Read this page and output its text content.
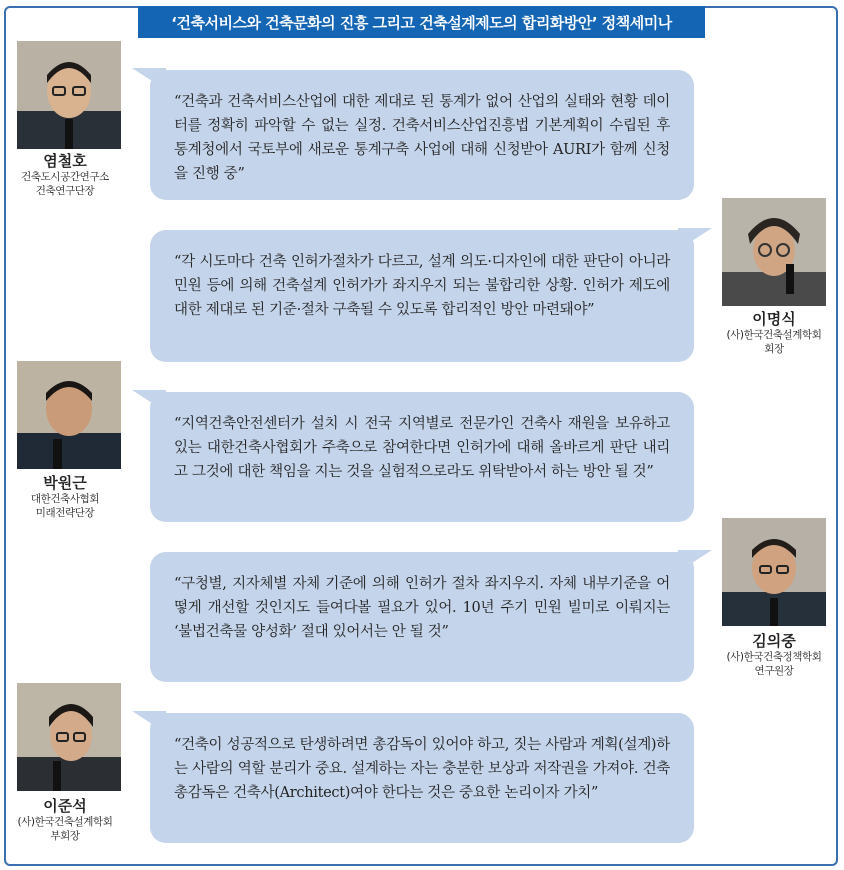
‘건축서비스와 건축문화의 진흥 그리고 건축설계제도의 합리화방안’ 정책세미나
염철호
건축도시공간연구소
건축연구단장
“건축과 건축서비스산업에 대한 제대로 된 통계가 없어 산업의 실태와 현황 데이터를 정확히 파악할 수 없는 실정. 건축서비스산업진흥법 기본계획이 수립된 후 통계청에서 국토부에 새로운 통계구축 사업에 대해 신청받아 AURI가 함께 신청을 진행 중”
“각 시도마다 건축 인허가절차가 다르고, 설계 의도·디자인에 대한 판단이 아니라 민원 등에 의해 건축설계 인허가가 좌지우지 되는 불합리한 상황. 인허가 제도에 대한 제대로 된 기준·절차 구축될 수 있도록 합리적인 방안 마련돼야”	이명식
(사)한국건축설계학회
회장
박원근
대한건축사협회
미래전략단장
“지역건축안전센터가 설치 시 전국 지역별로 전문가인 건축사 재원을 보유하고 있는 대한건축사협회가 주축으로 참여한다면 인허가에 대해 올바르게 판단 내리고 그것에 대한 책임을 지는 것을 실험적으로라도 위탁받아서 하는 방안 될 것”
“구청별, 지자체별 자체 기준에 의해 인허가 절차 좌지우지. 자체 내부기준을 어떻게 개선할 것인지도 들여다볼 필요가 있어. 10년 주기 민원 빌미로 이뤄지는 ‘불법건축물 양성화’ 절대 있어서는 안 될 것”	김의중
(사)한국건축정책학회
연구원장
이준석
(사)한국건축설계학회
부회장
“건축이 성공적으로 탄생하려면 총감독이 있어야 하고, 짓는 사람과 계획(설계)하는 사람의 역할 분리가 중요. 설계하는 자는 충분한 보상과 저작권을 가져야. 건축 총감독은 건축사(Architect)여야 한다는 것은 중요한 논리이자 가치”
